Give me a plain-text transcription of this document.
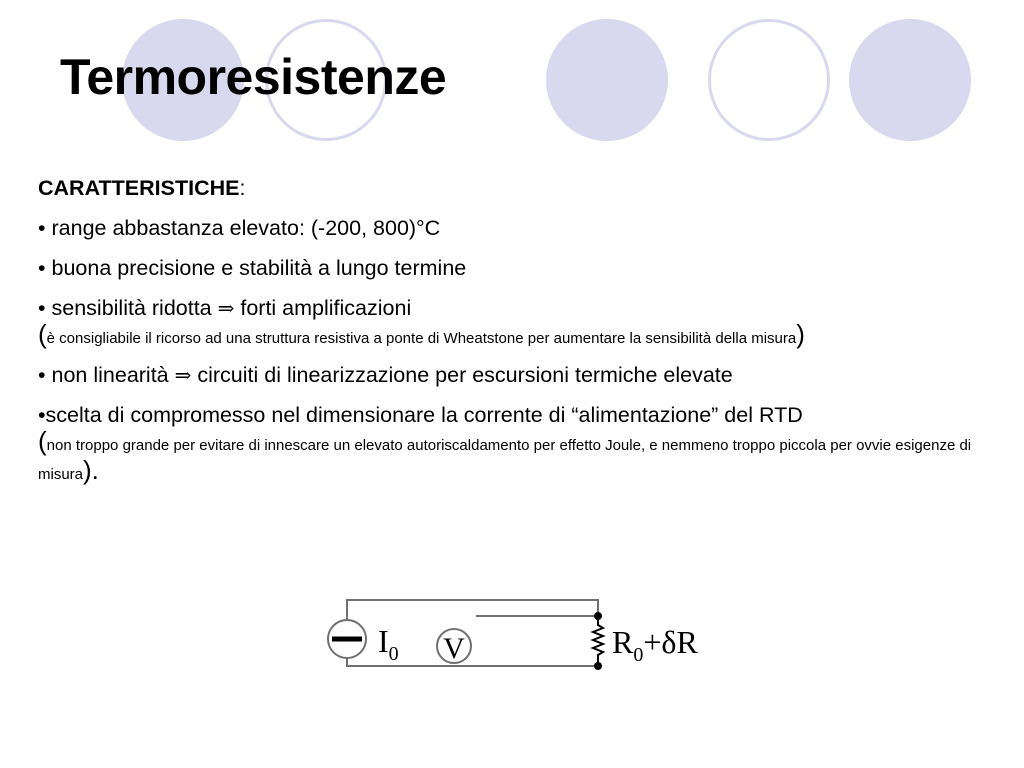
Termoresistenze

CARATTERISTICHE:

• range abbastanza elevato: (-200, 800)°C

• buona precisione e stabilità a lungo termine

• sensibilità ridotta ⇒ forti amplificazioni

(è consigliabile il ricorso ad una struttura resistiva a ponte di Wheatstone per aumentare la sensibilità della misura)

• non linearità ⇒ circuiti di linearizzazione per escursioni termiche elevate

•scelta di compromesso nel dimensionare la corrente di “alimentazione” del RTD

(non troppo grande per evitare di innescare un elevato autoriscaldamento per effetto Joule, e nemmeno troppo piccola per ovvie esigenze di misura).

$I_0$ V	$R_0+\delta R$
